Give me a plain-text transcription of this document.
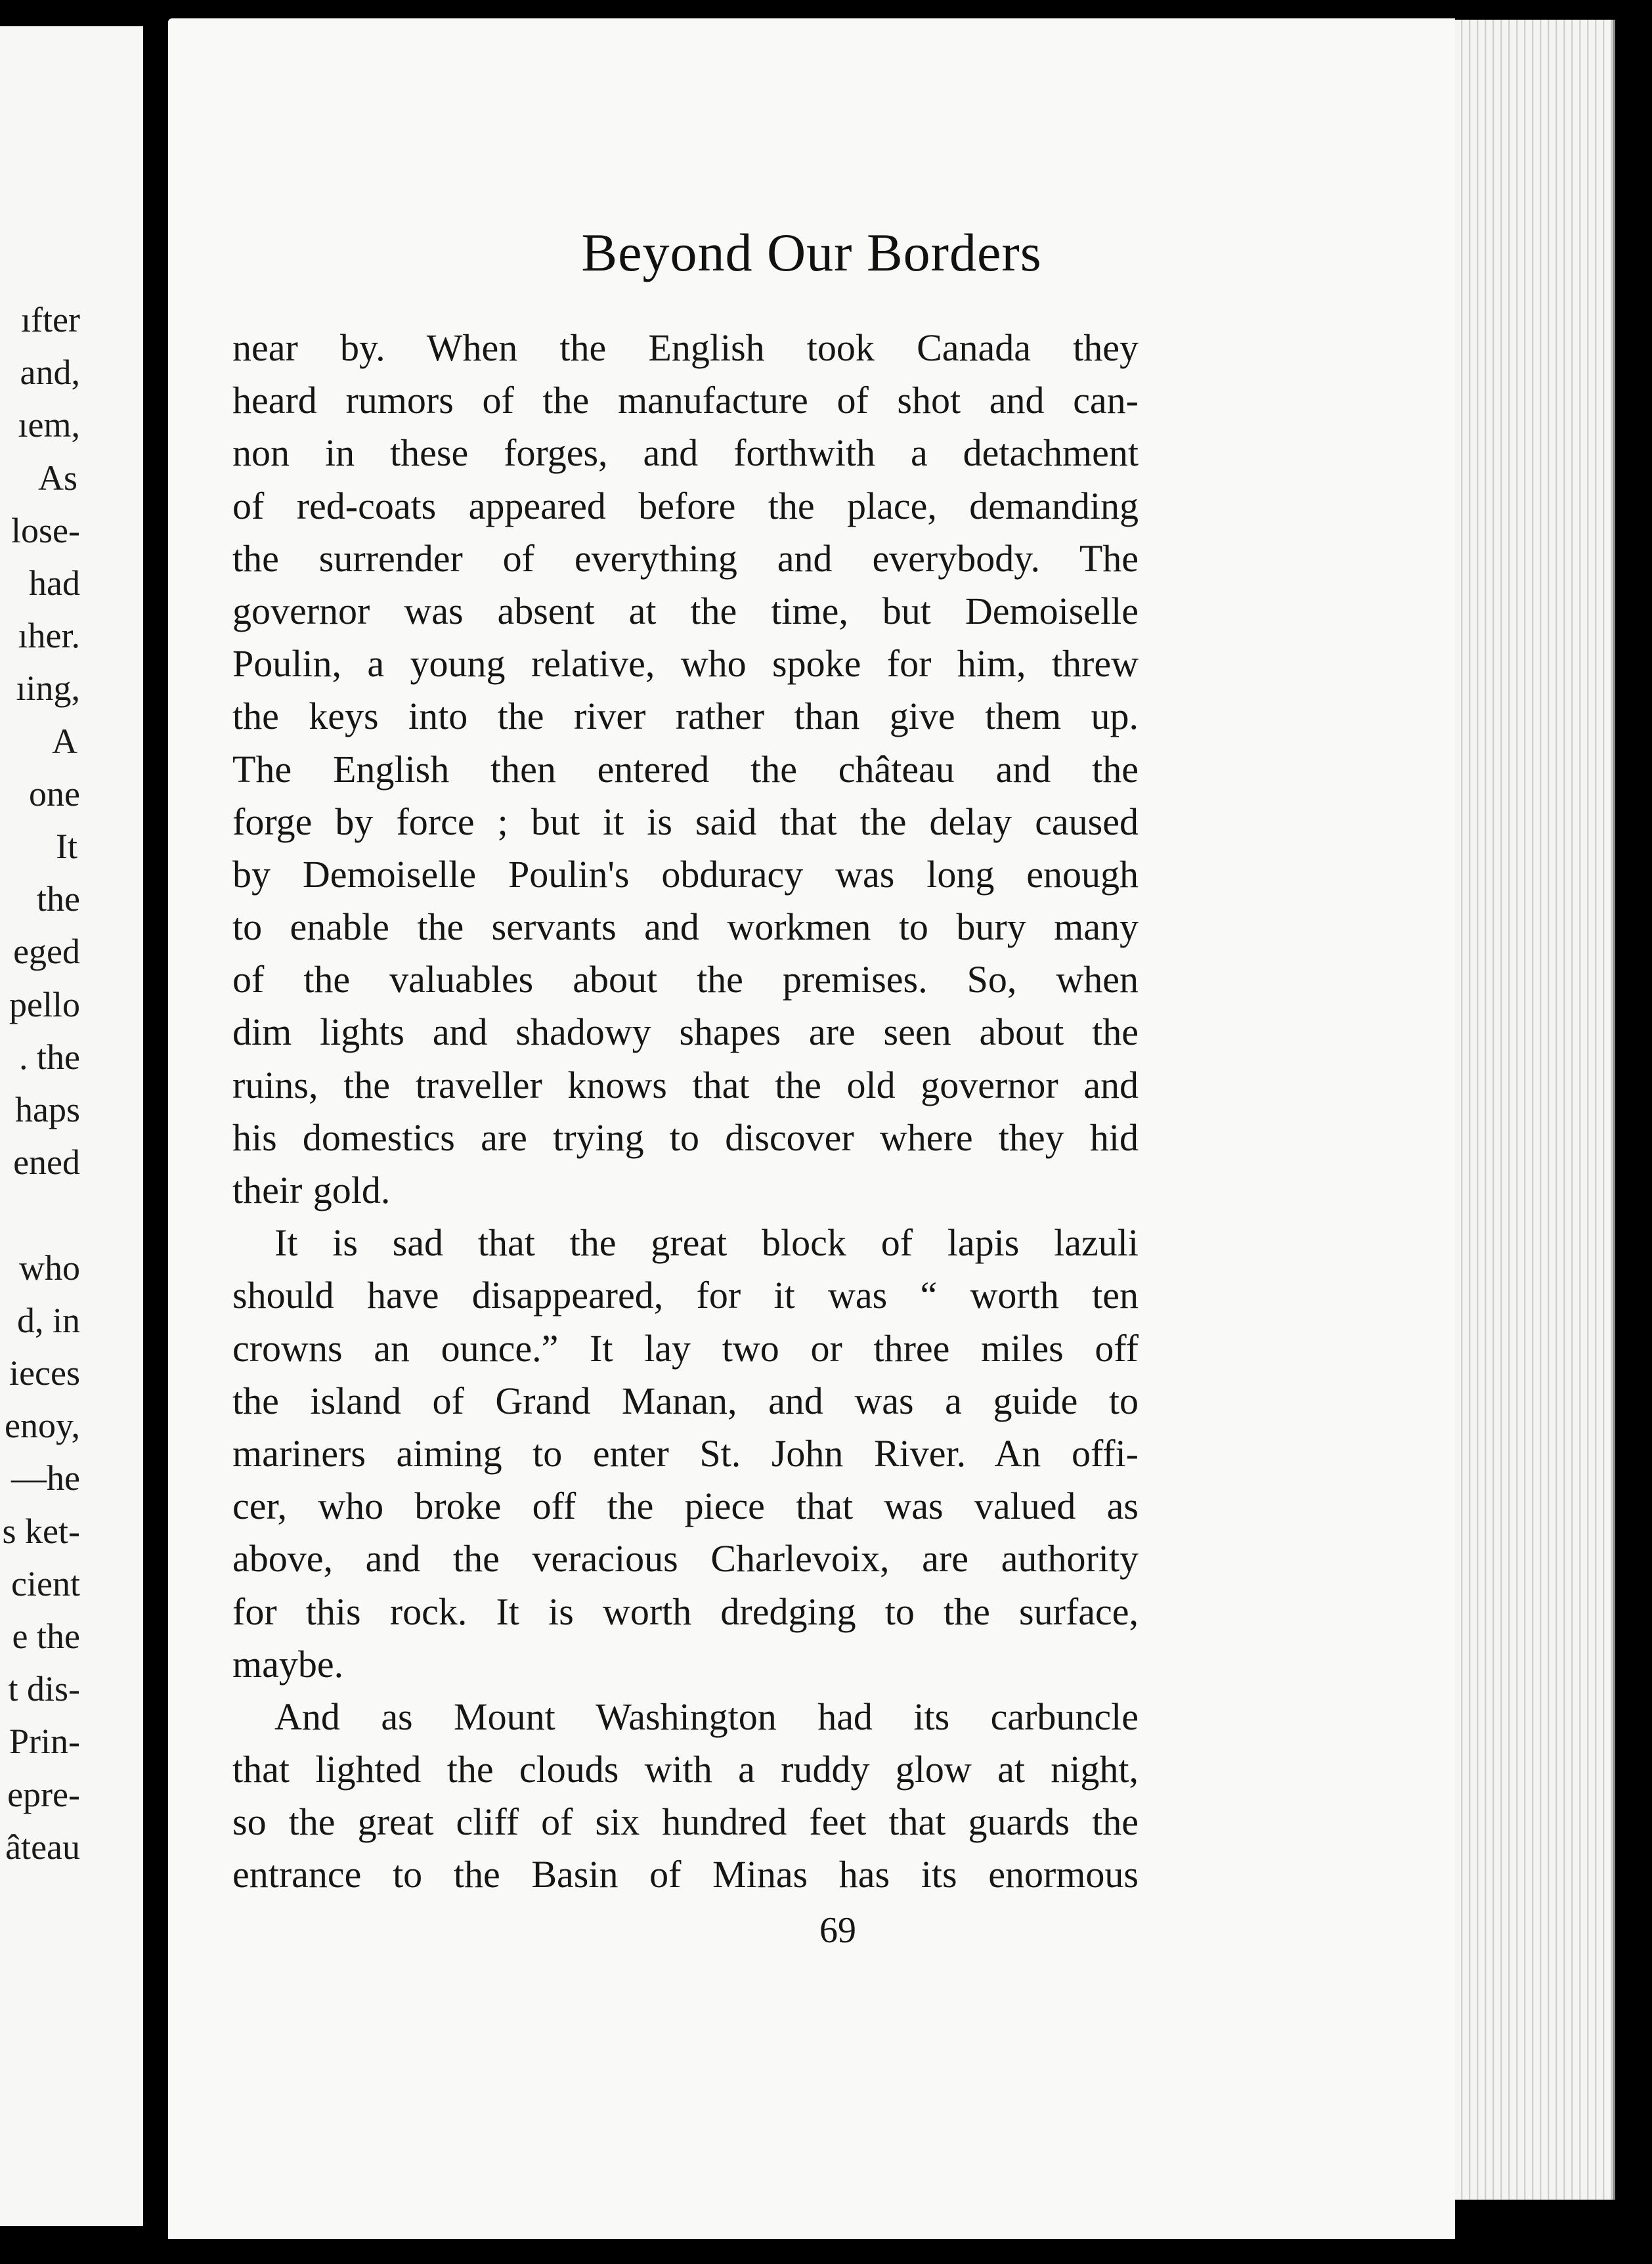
ıfter
and,
ıem,
As
lose-
had
ıher.
ıing,
A
one
It
the
eged
pello
. the
haps
ened
who
d, in
ieces
enoy,
—he
s ket-
cient
e the
t dis-
Prin-
epre-
âteau
Beyond Our Borders
near by. When the English took Canada they
heard rumors of the manufacture of shot and can-
non in these forges, and forthwith a detachment
of red-coats appeared before the place, demanding
the surrender of everything and everybody. The
governor was absent at the time, but Demoiselle
Poulin, a young relative, who spoke for him, threw
the keys into the river rather than give them up.
The English then entered the château and the
forge by force ; but it is said that the delay caused
by Demoiselle Poulin's obduracy was long enough
to enable the servants and workmen to bury many
of the valuables about the premises. So, when
dim lights and shadowy shapes are seen about the
ruins, the traveller knows that the old governor and
his domestics are trying to discover where they hid
their gold.
It is sad that the great block of lapis lazuli
should have disappeared, for it was “ worth ten
crowns an ounce.” It lay two or three miles off
the island of Grand Manan, and was a guide to
mariners aiming to enter St. John River. An offi-
cer, who broke off the piece that was valued as
above, and the veracious Charlevoix, are authority
for this rock. It is worth dredging to the surface,
maybe.
And as Mount Washington had its carbuncle
that lighted the clouds with a ruddy glow at night,
so the great cliff of six hundred feet that guards the
entrance to the Basin of Minas has its enormous
69
